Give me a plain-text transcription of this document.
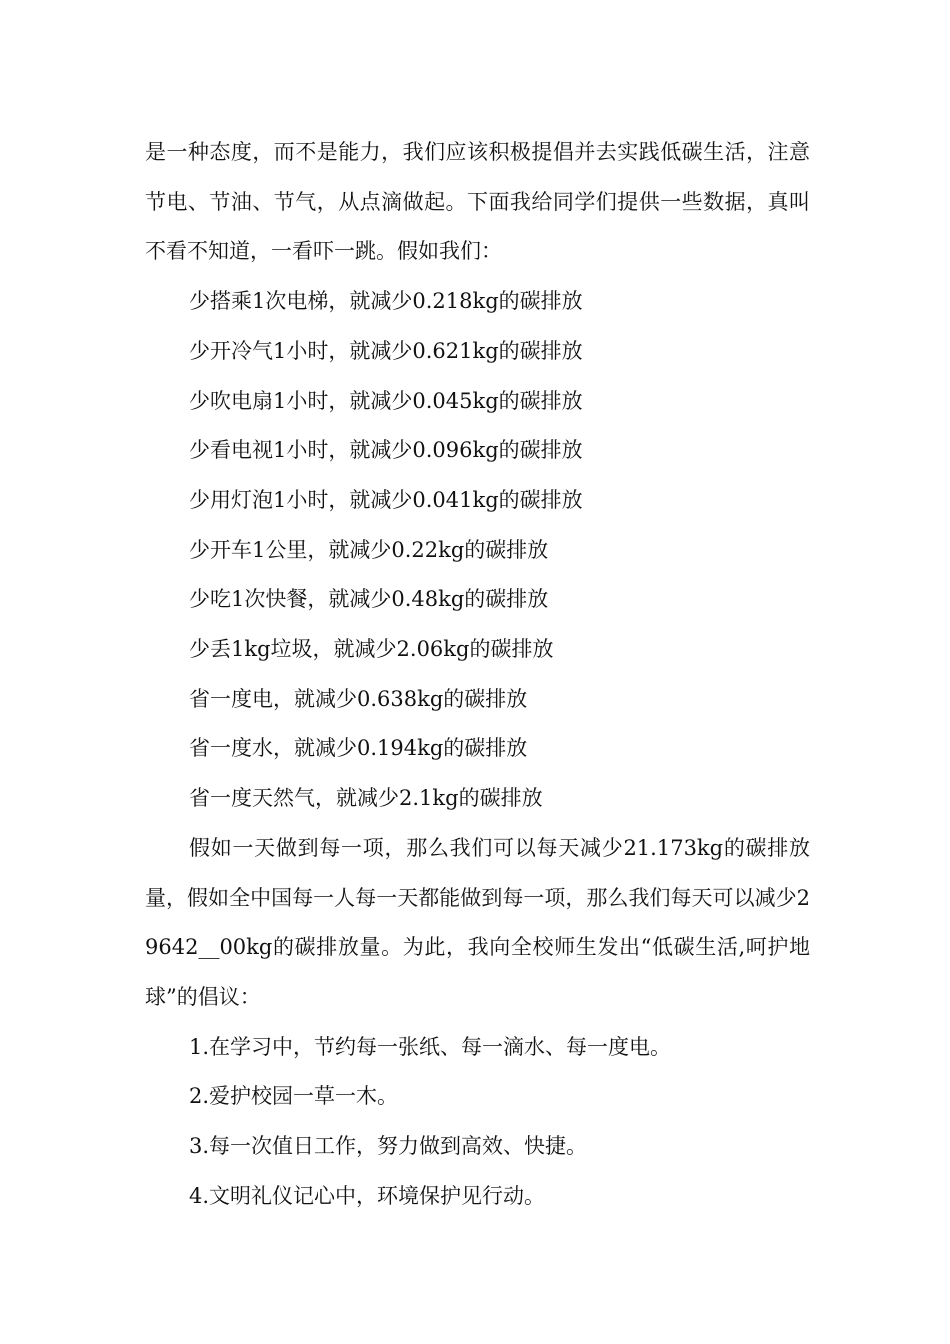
是一种态度，而不是能力，我们应该积极提倡并去实践低碳生活，注意节电、节油、节气，从点滴做起。下面我给同学们提供一些数据，真叫不看不知道，一看吓一跳。假如我们：

少搭乘1次电梯，就减少0.218kg的碳排放

少开冷气1小时，就减少0.621kg的碳排放

少吹电扇1小时，就减少0.045kg的碳排放

少看电视1小时，就减少0.096kg的碳排放

少用灯泡1小时，就减少0.041kg的碳排放

少开车1公里，就减少0.22kg的碳排放

少吃1次快餐，就减少0.48kg的碳排放

少丢1kg垃圾，就减少2.06kg的碳排放

省一度电，就减少0.638kg的碳排放

省一度水，就减少0.194kg的碳排放

省一度天然气，就减少2.1kg的碳排放

假如一天做到每一项，那么我们可以每天减少21.173kg的碳排放量，假如全中国每一人每一天都能做到每一项，那么我们每天可以减少29642__00kg的碳排放量。为此，我向全校师生发出“低碳生活,呵护地球”的倡议：

1.在学习中，节约每一张纸、每一滴水、每一度电。

2.爱护校园一草一木。

3.每一次值日工作，努力做到高效、快捷。

4.文明礼仪记心中，环境保护见行动。
